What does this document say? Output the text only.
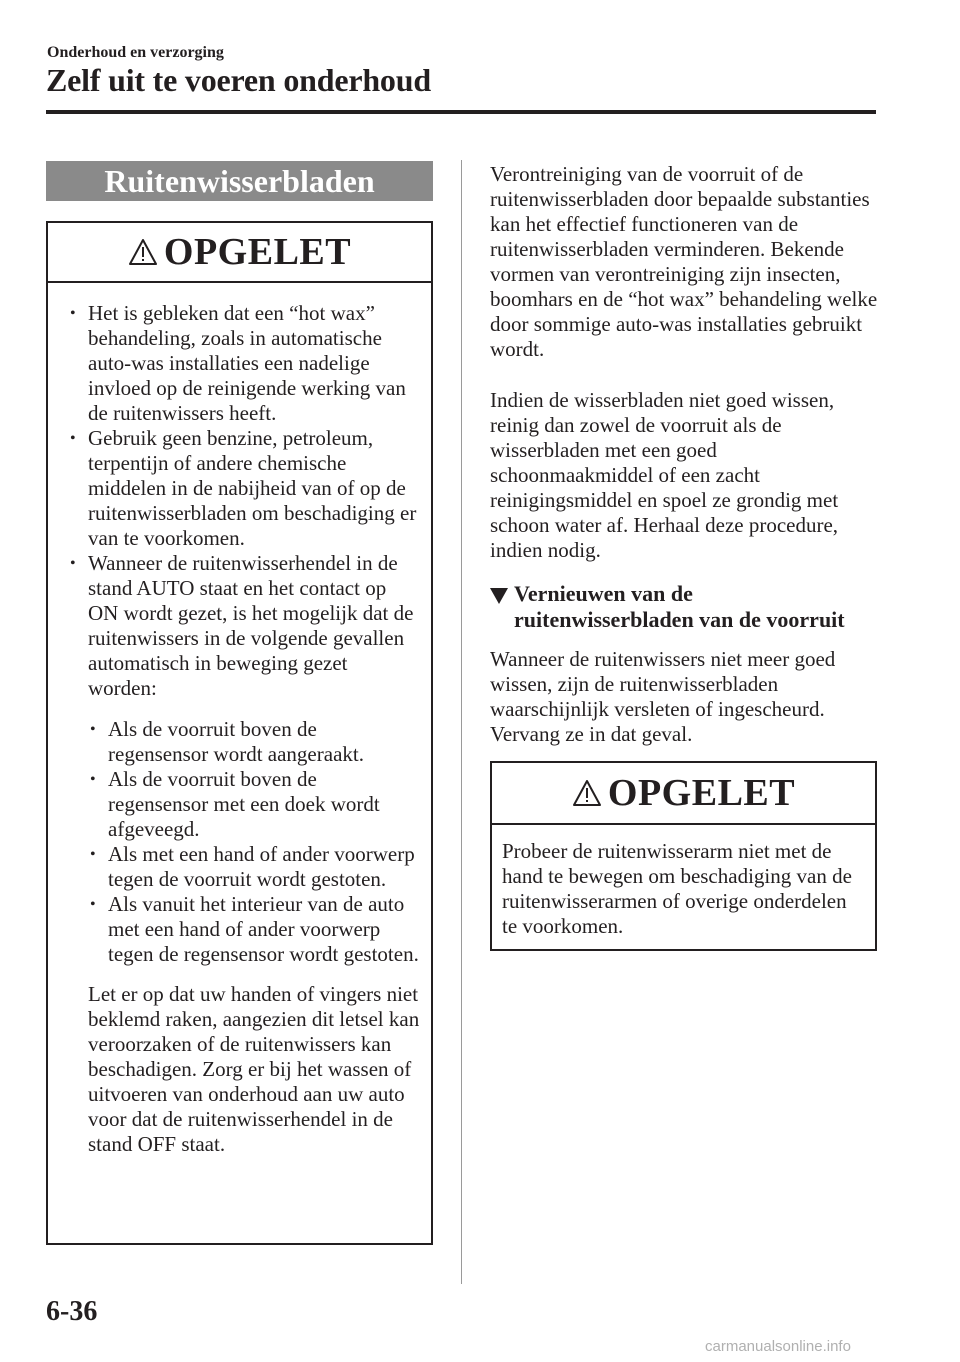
Onderhoud en verzorging
Zelf uit te voeren onderhoud
Ruitenwisserbladen
OPGELET
• Het is gebleken dat een “hot wax” behandeling, zoals in automatische auto-was installaties een nadelige invloed op de reinigende werking van de ruitenwissers heeft.
• Gebruik geen benzine, petroleum, terpentijn of andere chemische middelen in de nabijheid van of op de ruitenwisserbladen om beschadiging er van te voorkomen.
• Wanneer de ruitenwisserhendel in de stand AUTO staat en het contact op ON wordt gezet, is het mogelijk dat de ruitenwissers in de volgende gevallen automatisch in beweging gezet worden:
• Als de voorruit boven de regensensor wordt aangeraakt.
• Als de voorruit boven de regensensor met een doek wordt afgeveegd.
• Als met een hand of ander voorwerp tegen de voorruit wordt gestoten.
• Als vanuit het interieur van de auto met een hand of ander voorwerp tegen de regensensor wordt gestoten.
Let er op dat uw handen of vingers niet beklemd raken, aangezien dit letsel kan veroorzaken of de ruitenwissers kan beschadigen. Zorg er bij het wassen of uitvoeren van onderhoud aan uw auto voor dat de ruitenwisserhendel in de stand OFF staat.
Verontreiniging van de voorruit of de ruitenwisserbladen door bepaalde substanties kan het effectief functioneren van de ruitenwisserbladen verminderen. Bekende vormen van verontreiniging zijn insecten, boomhars en de “hot wax” behandeling welke door sommige auto-was installaties gebruikt wordt.
Indien de wisserbladen niet goed wissen, reinig dan zowel de voorruit als de wisserbladen met een goed schoonmaakmiddel of een zacht reinigingsmiddel en spoel ze grondig met schoon water af. Herhaal deze procedure, indien nodig.
Vernieuwen van de
ruitenwisserbladen van de voorruit
Wanneer de ruitenwissers niet meer goed wissen, zijn de ruitenwisserbladen waarschijnlijk versleten of ingescheurd. Vervang ze in dat geval.
OPGELET
Probeer de ruitenwisserarm niet met de hand te bewegen om beschadiging van de ruitenwisserarmen of overige onderdelen te voorkomen.
6-36
carmanualsonline.info
